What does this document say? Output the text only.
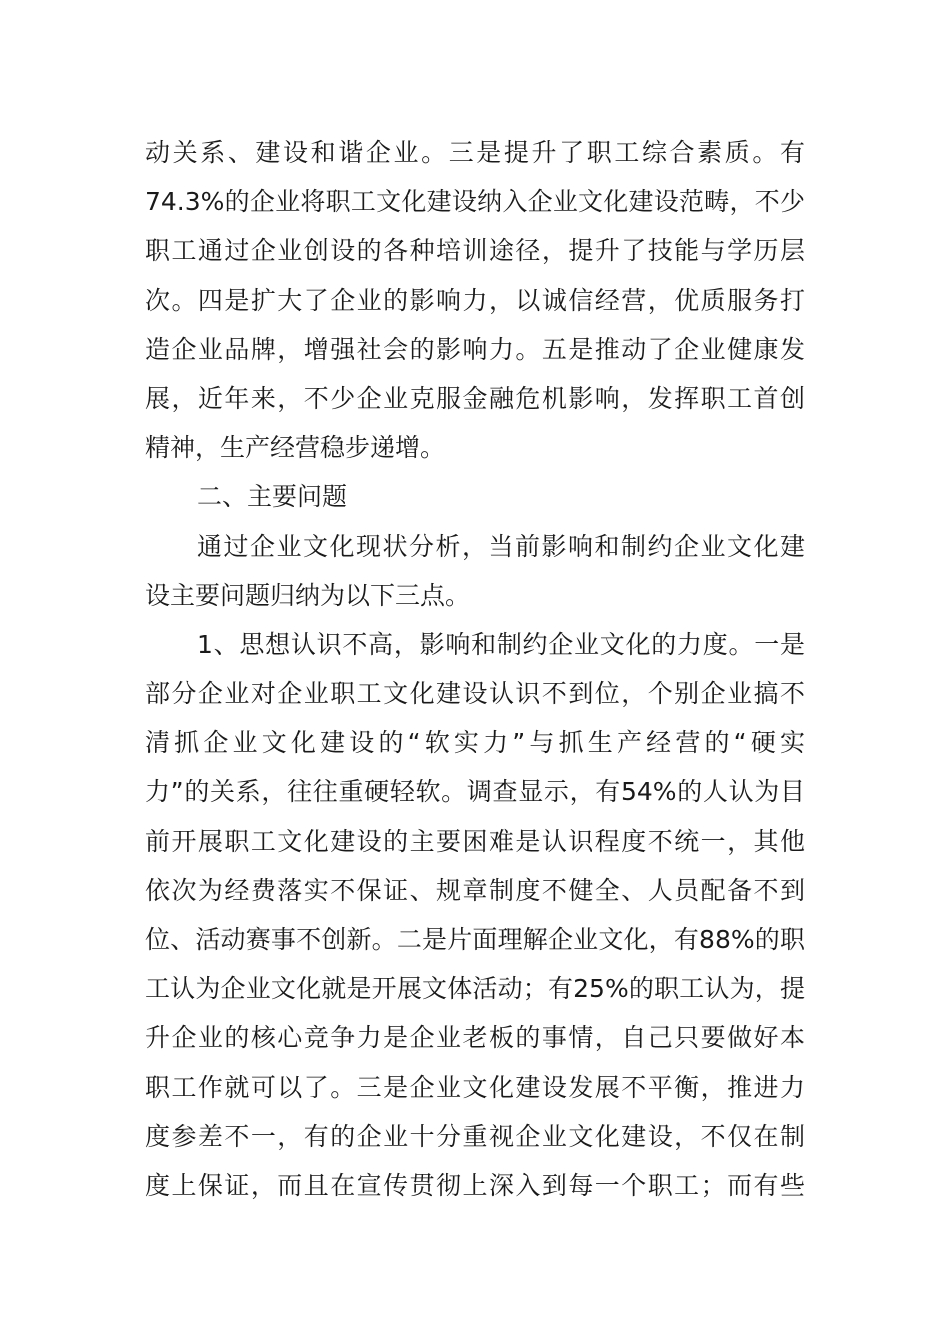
动关系、建设和谐企业。三是提升了职工综合素质。有
74.3%的企业将职工文化建设纳入企业文化建设范畴，不少
职工通过企业创设的各种培训途径，提升了技能与学历层
次。四是扩大了企业的影响力，以诚信经营，优质服务打
造企业品牌，增强社会的影响力。五是推动了企业健康发
展，近年来，不少企业克服金融危机影响，发挥职工首创
精神，生产经营稳步递增。
二、主要问题
通过企业文化现状分析，当前影响和制约企业文化建
设主要问题归纳为以下三点。
1、思想认识不高，影响和制约企业文化的力度。一是
部分企业对企业职工文化建设认识不到位，个别企业搞不
清抓企业文化建设的“软实力”与抓生产经营的“硬实
力”的关系，往往重硬轻软。调查显示，有54%的人认为目
前开展职工文化建设的主要困难是认识程度不统一，其他
依次为经费落实不保证、规章制度不健全、人员配备不到
位、活动赛事不创新。二是片面理解企业文化，有88%的职
工认为企业文化就是开展文体活动；有25%的职工认为，提
升企业的核心竞争力是企业老板的事情，自己只要做好本
职工作就可以了。三是企业文化建设发展不平衡，推进力
度参差不一，有的企业十分重视企业文化建设，不仅在制
度上保证，而且在宣传贯彻上深入到每一个职工；而有些
